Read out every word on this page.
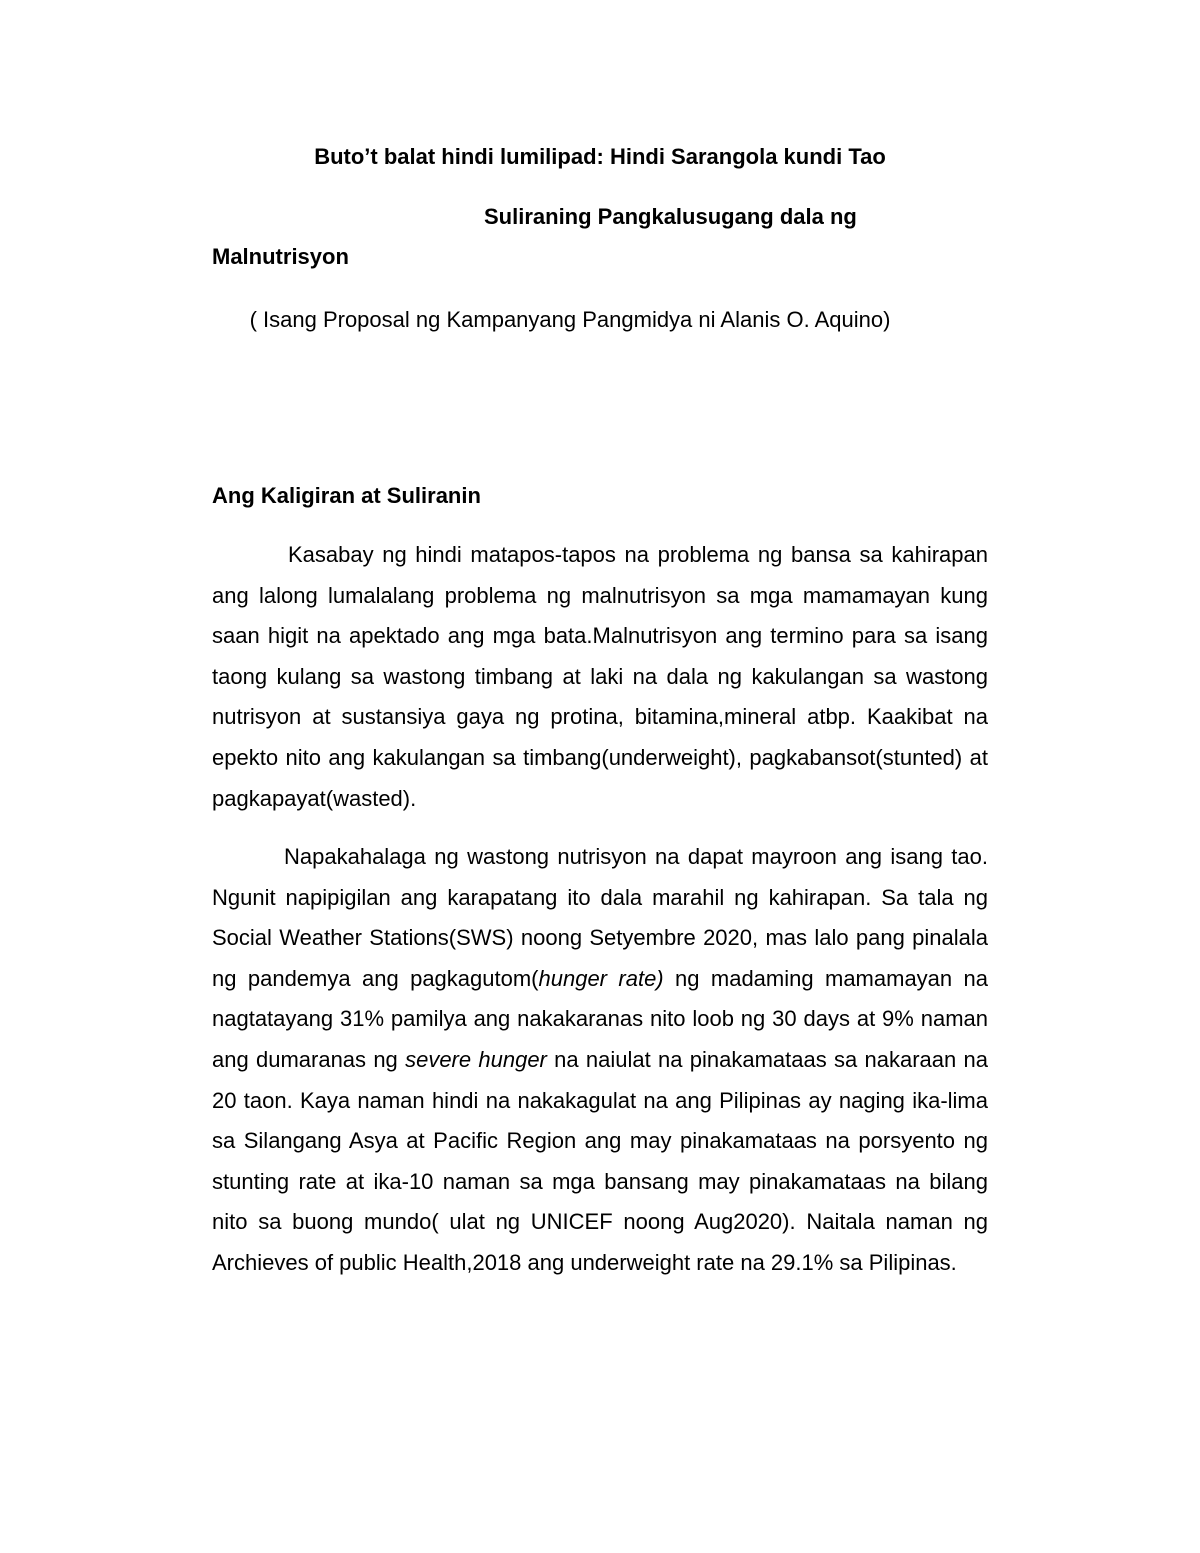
Buto’t balat hindi lumilipad: Hindi Sarangola kundi Tao
Suliraning Pangkalusugang dala ng
Malnutrisyon
( Isang Proposal ng Kampanyang Pangmidya ni Alanis O. Aquino)
Ang Kaligiran at Suliranin

Kasabay ng hindi matapos-tapos na problema ng bansa sa kahirapan ang lalong lumalalang problema ng malnutrisyon sa mga mamamayan kung saan higit na apektado ang mga bata.Malnutrisyon ang termino para sa isang taong kulang sa wastong timbang at laki na dala ng kakulangan sa wastong nutrisyon at sustansiya gaya ng protina, bitamina,mineral atbp. Kaakibat na epekto nito ang kakulangan sa timbang(underweight), pagkabansot(stunted) at pagkapayat(wasted).

Napakahalaga ng wastong nutrisyon na dapat mayroon ang isang tao. Ngunit napipigilan ang karapatang ito dala marahil ng kahirapan. Sa tala ng Social Weather Stations(SWS) noong Setyembre 2020, mas lalo pang pinalala ng pandemya ang pagkagutom(hunger rate) ng madaming mamamayan na nagtatayang 31% pamilya ang nakakaranas nito loob ng 30 days at 9% naman ang dumaranas ng severe hunger na naiulat na pinakamataas sa nakaraan na 20 taon. Kaya naman hindi na nakakagulat na ang Pilipinas ay naging ika-lima sa Silangang Asya at Pacific Region ang may pinakamataas na porsyento ng stunting rate at ika-10 naman sa mga bansang may pinakamataas na bilang nito sa buong mundo( ulat ng UNICEF noong Aug2020). Naitala naman ng Archieves of public Health,2018 ang underweight rate na 29.1% sa Pilipinas.
